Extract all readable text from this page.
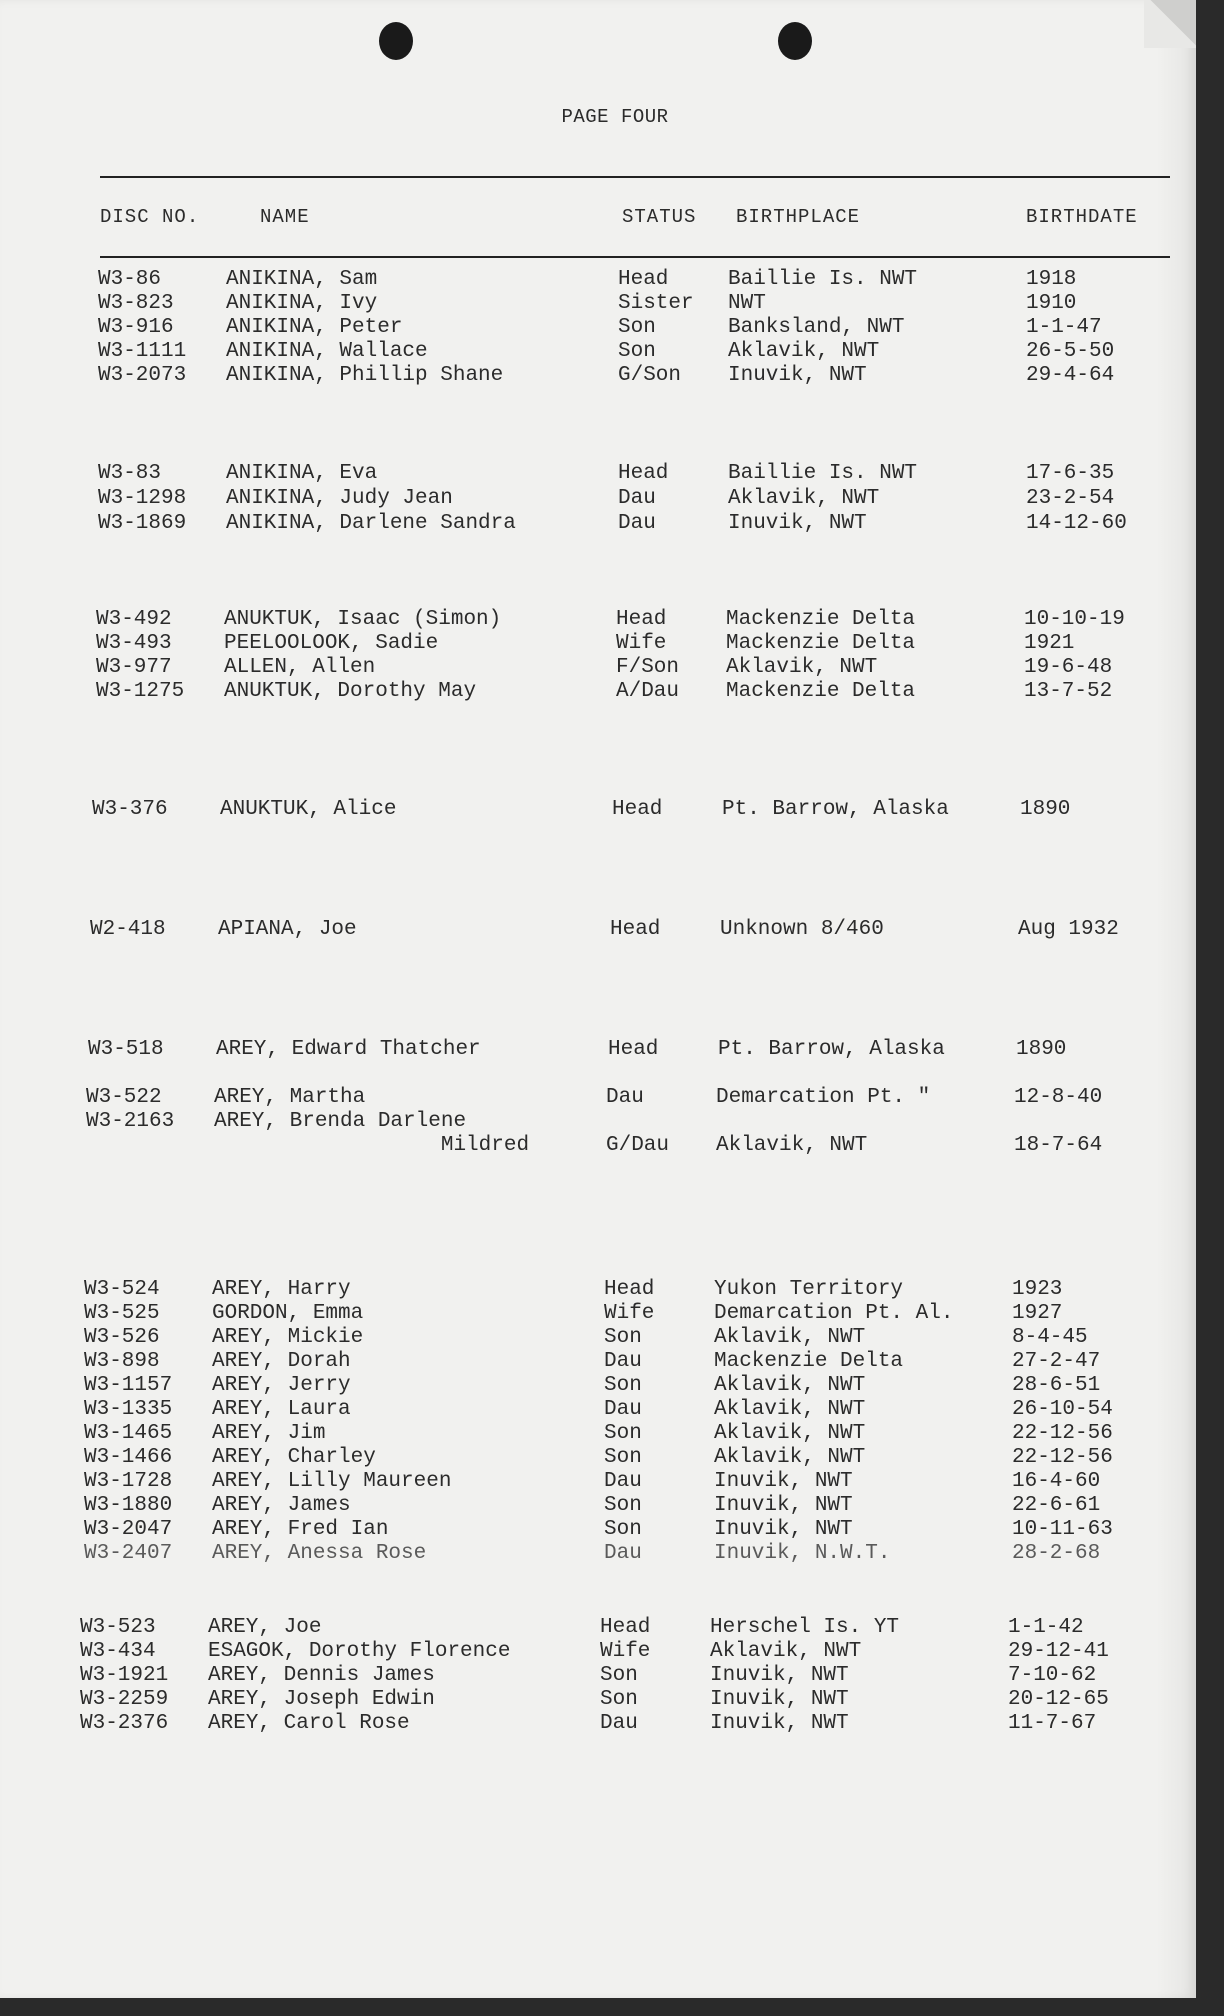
PAGE FOUR
DISC NO.	NAME	STATUS BIRTHPLACE	BIRTHDATE
W3-86	ANIKINA, Sam	Head	Baillie Is. NWT	1918
W3-823 ANIKINA, Ivy	Sister NWT	1910
W3-916 ANIKINA, Peter	Son	Banksland, NWT	1-1-47
W3-1111 ANIKINA, Wallace	Son	Aklavik, NWT	26-5-50
W3-2073 ANIKINA, Phillip Shane	G/Son Inuvik, NWT	29-4-64
W3-83	ANIKINA, Eva	Head	Baillie Is. NWT	17-6-35
W3-1298 ANIKINA, Judy Jean	Dau	Aklavik, NWT	23-2-54
W3-1869 ANIKINA, Darlene Sandra	Dau	Inuvik, NWT	14-12-60
W3-492 ANUKTUK, Isaac (Simon)	Head	Mackenzie Delta	10-10-19
W3-493 PEELOOLOOK, Sadie	Wife	Mackenzie Delta	1921
W3-977 ALLEN, Allen	F/Son Aklavik, NWT	19-6-48
W3-1275 ANUKTUK, Dorothy May	A/Dau Mackenzie Delta	13-7-52
W3-376 ANUKTUK, Alice	Head	Pt. Barrow, Alaska	1890
W2-418 APIANA, Joe	Head	Unknown 8/460	Aug 1932
W3-518 AREY, Edward Thatcher	Head	Pt. Barrow, Alaska	1890
W3-522 AREY, Martha	Dau	Demarcation Pt. "	12-8-40
W3-2163 AREY, Brenda Darlene
Mildred	G/Dau Aklavik, NWT	18-7-64
W3-524 AREY, Harry	Head	Yukon Territory	1923
W3-525 GORDON, Emma	Wife	Demarcation Pt. Al.	1927
W3-526 AREY, Mickie	Son	Aklavik, NWT	8-4-45
W3-898 AREY, Dorah	Dau	Mackenzie Delta	27-2-47
W3-1157 AREY, Jerry	Son	Aklavik, NWT	28-6-51
W3-1335 AREY, Laura	Dau	Aklavik, NWT	26-10-54
W3-1465 AREY, Jim	Son	Aklavik, NWT	22-12-56
W3-1466 AREY, Charley	Son	Aklavik, NWT	22-12-56
W3-1728 AREY, Lilly Maureen	Dau	Inuvik, NWT	16-4-60
W3-1880 AREY, James	Son	Inuvik, NWT	22-6-61
W3-2047 AREY, Fred Ian	Son	Inuvik, NWT	10-11-63
W3-2407 AREY, Anessa Rose	Dau	Inuvik, N.W.T.	28-2-68
W3-523 AREY, Joe	Head	Herschel Is. YT	1-1-42
W3-434 ESAGOK, Dorothy Florence	Wife	Aklavik, NWT	29-12-41
W3-1921 AREY, Dennis James	Son	Inuvik, NWT	7-10-62
W3-2259 AREY, Joseph Edwin	Son	Inuvik, NWT	20-12-65
W3-2376 AREY, Carol Rose	Dau	Inuvik, NWT	11-7-67
